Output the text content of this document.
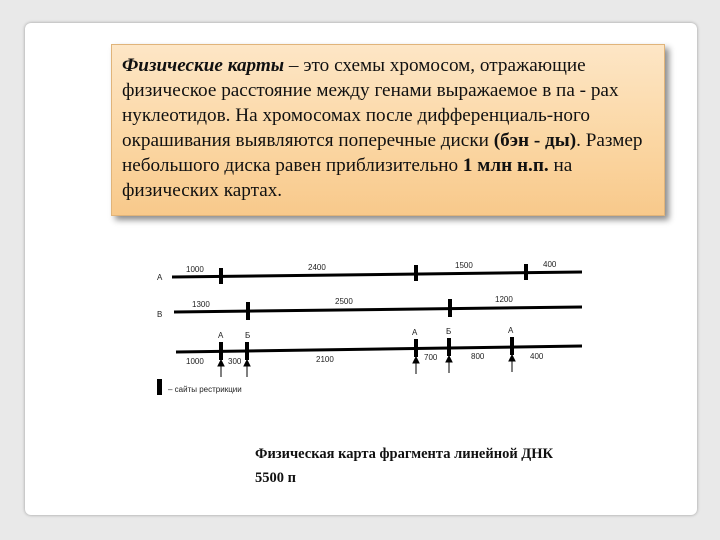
Физические карты – это схемы хромосом, отражающие физическое расстояние между генами выражаемое в па - рах нуклеотидов. На хромосомах после дифференциаль-ного окрашивания выявляются поперечные диски (бэн - ды). Размер небольшого диска равен приблизительно 1 млн н.п. на физических картах.
A
1000	2400	1500	400
B
1300	2500	1200
A	Б	A	Б	A
1000	300	2100	700	800	400
– сайты рестрикции
Физическая карта фрагмента линейной ДНК
5500 п
